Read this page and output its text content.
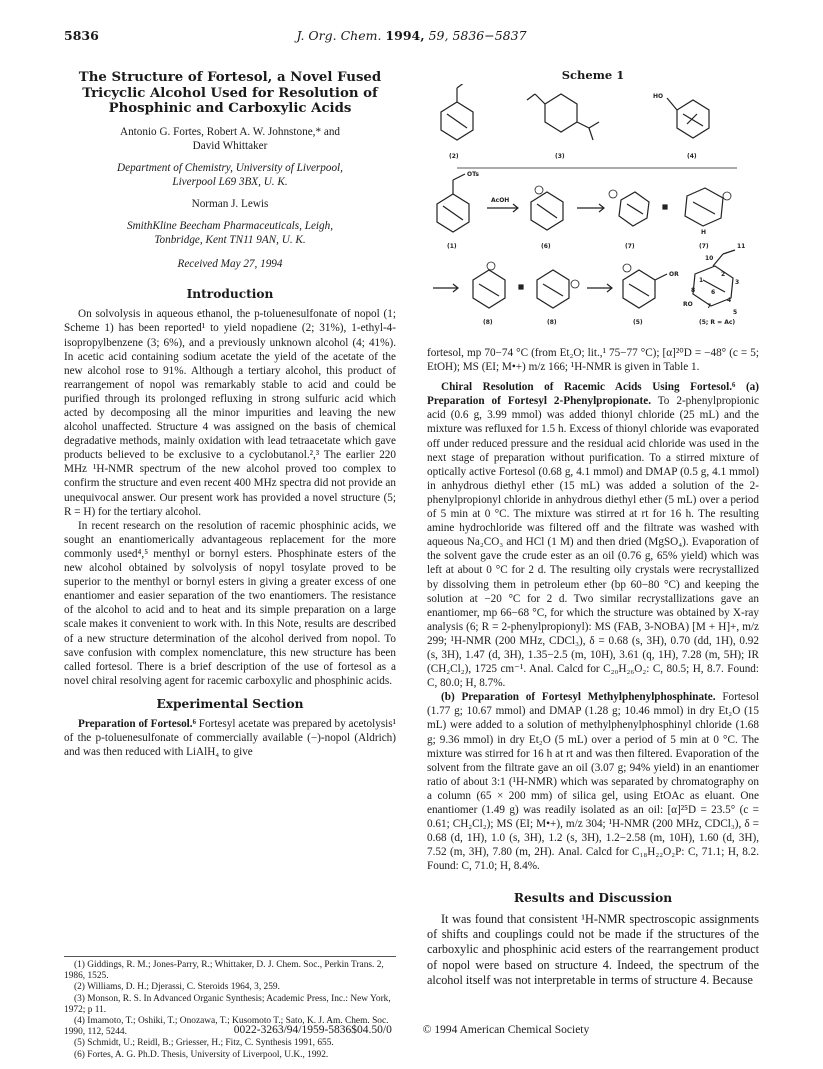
5836	J. Org. Chem. 1994, 59, 5836−5837
The Structure of Fortesol, a Novel Fused Tricyclic Alcohol Used for Resolution of Phosphinic and Carboxylic Acids
Antonio G. Fortes, Robert A. W. Johnstone,* and
David Whittaker
Department of Chemistry, University of Liverpool,
Liverpool L69 3BX, U. K.
Norman J. Lewis
SmithKline Beecham Pharmaceuticals, Leigh,
Tonbridge, Kent TN11 9AN, U. K.
Received May 27, 1994
Introduction

On solvolysis in aqueous ethanol, the p-toluenesulfonate of nopol (1; Scheme 1) has been reported¹ to yield nopadiene (2; 31%), 1-ethyl-4-isopropylbenzene (3; 6%), and a previously unknown alcohol (4; 41%). In acetic acid containing sodium acetate the yield of the acetate of the new alcohol rose to 91%. Although a tertiary alcohol, this product of rearrangement of nopol was remarkably stable to acid and could be purified through its prolonged refluxing in strong sulfuric acid which acted by decomposing all the minor impurities and leaving the new alcohol unaffected. Structure 4 was assigned on the basis of chemical degradative methods, mainly oxidation with lead tetraacetate which gave products believed to be exclusive to a cyclobutanol.²,³ The earlier 220 MHz ¹H-NMR spectrum of the new alcohol proved too complex to confirm the structure and even recent 400 MHz spectra did not provide an unequivocal answer. Our present work has provided a novel structure (5; R = H) for the tertiary alcohol.

In recent research on the resolution of racemic phosphinic acids, we sought an enantiomerically advantageous replacement for the more commonly used⁴,⁵ menthyl or bornyl esters. Phosphinate esters of the new alcohol obtained by solvolysis of nopyl tosylate proved to be superior to the menthyl or bornyl esters in giving a greater excess of one enantiomer and easier separation of the two enantiomers. The resistance of the alcohol to acid and to heat and its simple preparation on a large scale makes it convenient to work with. In this Note, results are described of a new structure determination of the alcohol derived from nopol. To save confusion with complex nomenclature, this new structure has been called fortesol. There is a brief description of the use of fortesol as a novel chiral resolving agent for racemic carboxylic and phosphinic acids.

Experimental Section

Preparation of Fortesol.⁶ Fortesyl acetate was prepared by acetolysis¹ of the p-toluenesulfonate of commercially available (−)-nopol (Aldrich) and was then reduced with LiAlH₄ to give

Scheme 1
(2)	(3)	(4)
HO
OTs
AcOH
(1)	(6)	(7)	(7)
H
(8)	(8)	(5)
OR
RO
(5; R = Ac)
10
11
1
2
3
4
5
6
7
8

fortesol, mp 70−74 °C (from Et₂O; lit.,¹ 75−77 °C); [α]²⁰D = −48° (c = 5; EtOH); MS (EI; M•+) m/z 166; ¹H-NMR is given in Table 1.

Chiral Resolution of Racemic Acids Using Fortesol.⁶ (a) Preparation of Fortesyl 2-Phenylpropionate. To 2-phenylpropionic acid (0.6 g, 3.99 mmol) was added thionyl chloride (25 mL) and the mixture was refluxed for 1.5 h. Excess of thionyl chloride was evaporated off under reduced pressure and the residual acid chloride was used in the next stage of preparation without purification. To a stirred mixture of optically active Fortesol (0.68 g, 4.1 mmol) and DMAP (0.5 g, 4.1 mmol) in anhydrous diethyl ether (15 mL) was added a solution of the 2-phenylpropionyl chloride in anhydrous diethyl ether (5 mL) over a period of 5 min at 0 °C. The mixture was stirred at rt for 16 h. The resulting amine hydrochloride was filtered off and the filtrate was washed with aqueous Na₂CO₃ and HCl (1 M) and then dried (MgSO₄). Evaporation of the solvent gave the crude ester as an oil (0.76 g, 65% yield) which was left at about 0 °C for 2 d. The resulting oily crystals were recrystallized by dissolving them in petroleum ether (bp 60−80 °C) and keeping the solution at −20 °C for 2 d. Two similar recrystallizations gave an enantiomer, mp 66−68 °C, for which the structure was obtained by X-ray analysis (6; R = 2-phenylpropionyl): MS (FAB, 3-NOBA) [M + H]+, m/z 299; ¹H-NMR (200 MHz, CDCl₃), δ = 0.68 (s, 3H), 0.70 (dd, 1H), 0.92 (s, 3H), 1.47 (d, 3H), 1.35−2.5 (m, 10H), 3.61 (q, 1H), 7.28 (m, 5H); IR (CH₂Cl₂), 1725 cm⁻¹. Anal. Calcd for C₂₀H₂₆O₂: C, 80.5; H, 8.7. Found: C, 80.0; H, 8.7%.

(b) Preparation of Fortesyl Methylphenylphosphinate. Fortesol (1.77 g; 10.67 mmol) and DMAP (1.28 g; 10.46 mmol) in dry Et₂O (15 mL) were added to a solution of methylphenylphosphinyl chloride (1.68 g; 9.36 mmol) in dry Et₂O (5 mL) over a period of 5 min at 0 °C. The mixture was stirred for 16 h at rt and was then filtered. Evaporation of the solvent from the filtrate gave an oil (3.07 g; 94% yield) in an enantiomer ratio of about 3:1 (¹H-NMR) which was separated by chromatography on a column (65 × 200 mm) of silica gel, using EtOAc as eluant. One enantiomer (1.49 g) was readily isolated as an oil: [α]²⁵D = 23.5° (c = 0.61; CH₂Cl₂); MS (EI; M•+), m/z 304; ¹H-NMR (200 MHz, CDCl₃), δ = 0.68 (d, 1H), 1.0 (s, 3H), 1.2 (s, 3H), 1.2−2.58 (m, 10H), 1.60 (d, 3H), 7.52 (m, 3H), 7.80 (m, 2H). Anal. Calcd for C₁₈H₂₂O₂P: C, 71.1; H, 8.2. Found: C, 71.0; H, 8.4%.

Results and Discussion

It was found that consistent ¹H-NMR spectroscopic assignments of shifts and couplings could not be made if the structures of the carboxylic and phosphinic acid esters of the rearrangement product of nopol were based on structure 4. Indeed, the spectrum of the alcohol itself was not interpretable in terms of structure 4. Because

(1) Giddings, R. M.; Jones-Parry, R.; Whittaker, D. J. Chem. Soc., Perkin Trans. 2, 1986, 1525.
(2) Williams, D. H.; Djerassi, C. Steroids 1964, 3, 259.
(3) Monson, R. S. In Advanced Organic Synthesis; Academic Press, Inc.: New York, 1972; p 11.
(4) Imamoto, T.; Oshiki, T.; Onozawa, T.; Kusomoto T.; Sato, K. J. Am. Chem. Soc. 1990, 112, 5244.
(5) Schmidt, U.; Reidl, B.; Griesser, H.; Fitz, C. Synthesis 1991, 655.
(6) Fortes, A. G. Ph.D. Thesis, University of Liverpool, U.K., 1992.
0022-3263/94/1959-5836$04.50/0	© 1994 American Chemical Society
